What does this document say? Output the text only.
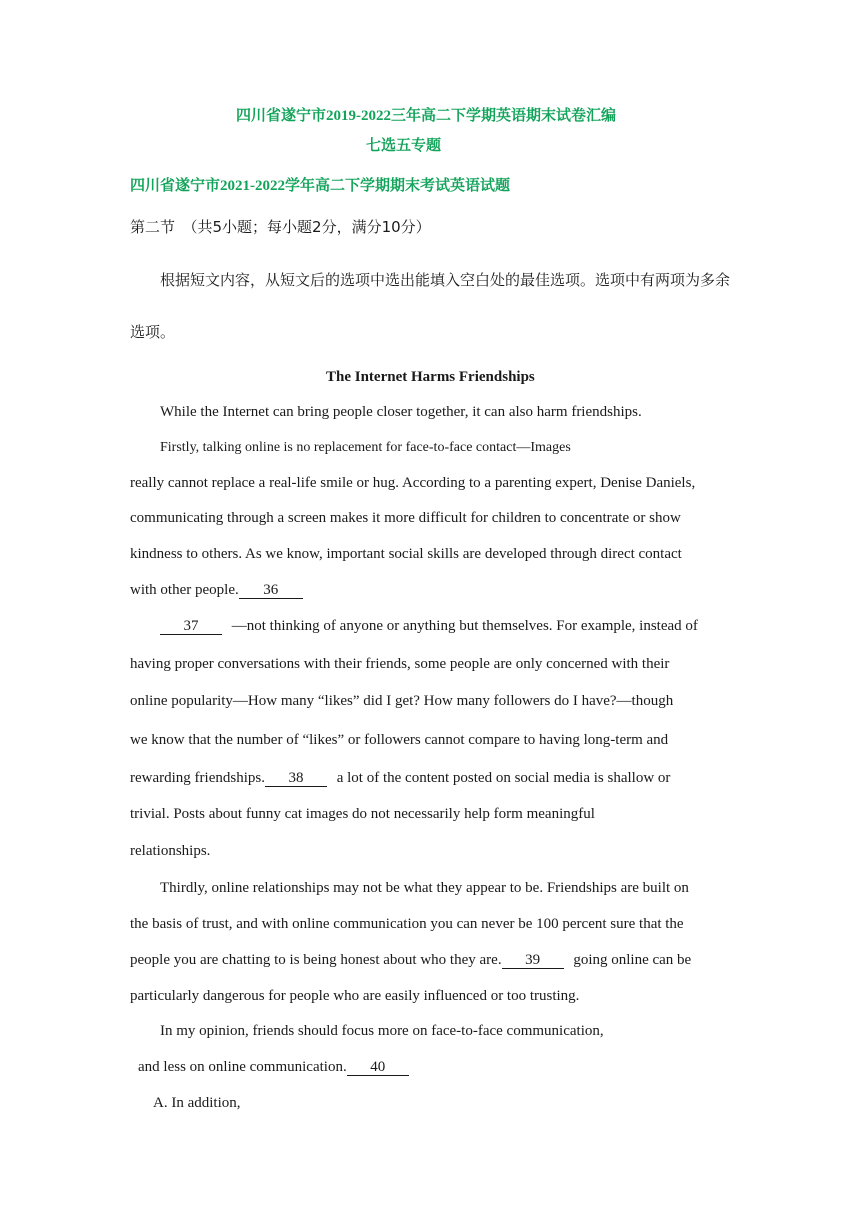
四川省遂宁市2019-2022三年高二下学期英语期末试卷汇编
七选五专题
四川省遂宁市2021-2022学年高二下学期期末考试英语试题
第二节　（共5小题；每小题2分，满分10分）
根据短文内容，从短文后的选项中选出能填入空白处的最佳选项。选项中有两项为多余
选项。
The Internet Harms Friendships
While the Internet can bring people closer together, it can also harm friendships.
Firstly, talking online is no replacement for face-to-face contact—Images
really cannot replace a real-life smile or hug. According to a parenting expert, Denise Daniels,
communicating through a screen makes it more difficult for children to concentrate or show
kindness to others. As we know, important social skills are developed through direct contact
with other people. 36
37 —not thinking of anyone or anything but themselves. For example, instead of
having proper conversations with their friends, some people are only concerned with their
online popularity—How many “likes” did I get? How many followers do I have?—though
we know that the number of “likes” or followers cannot compare to having long-term and
rewarding friendships. 38 a lot of the content posted on social media is shallow or
trivial. Posts about funny cat images do not necessarily help form meaningful
relationships.
Thirdly, online relationships may not be what they appear to be. Friendships are built on
the basis of trust, and with online communication you can never be 100 percent sure that the
people you are chatting to is being honest about who they are. 39 going online can be
particularly dangerous for people who are easily influenced or too trusting.
In my opinion, friends should focus more on face-to-face communication,
and less on online communication. 40
A. In addition,
